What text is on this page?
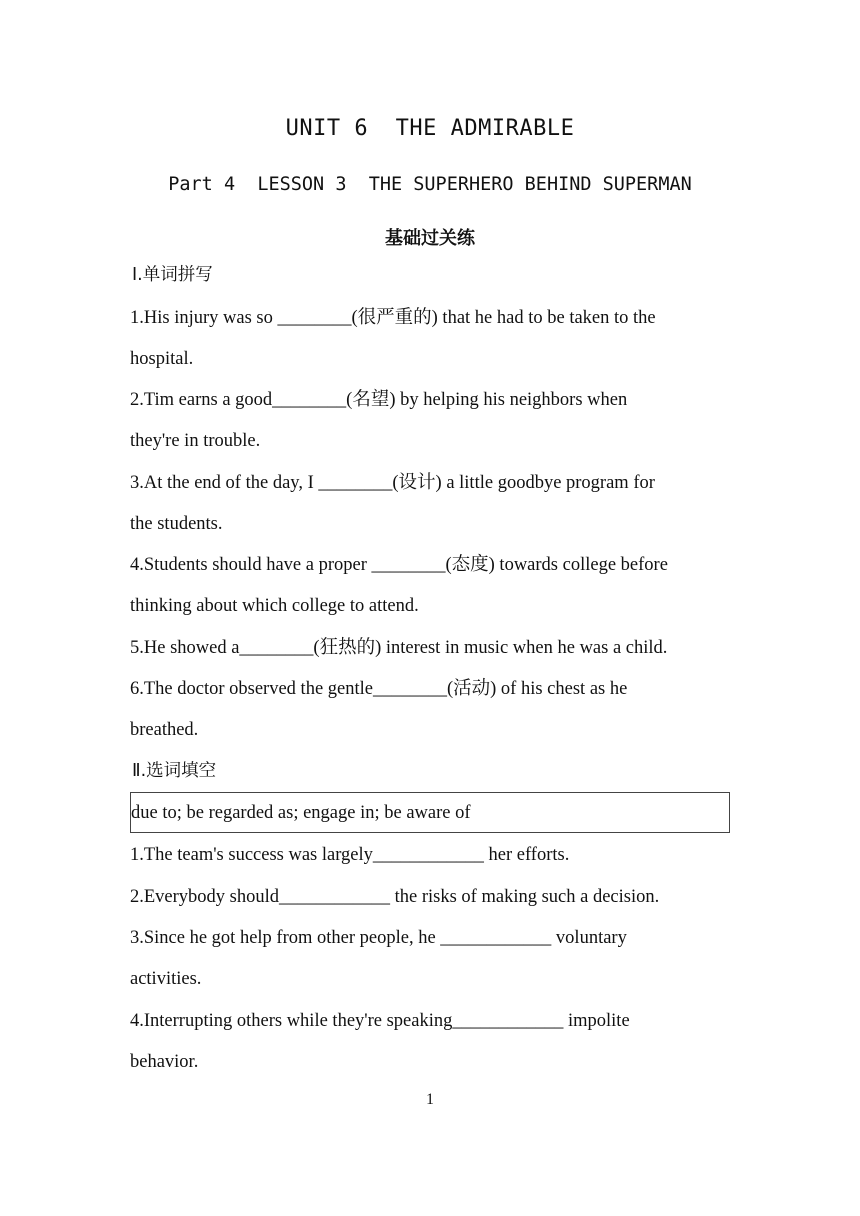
UNIT 6  THE ADMIRABLE
Part 4  LESSON 3  THE SUPERHERO BEHIND SUPERMAN
基础过关练
Ⅰ.单词拼写
1.His injury was so ________(很严重的) that he had to be taken to the
hospital.
2.Tim earns a good________(名望) by helping his neighbors when
they're in trouble.
3.At the end of the day, I ________(设计) a little goodbye program for
the students.
4.Students should have a proper ________(态度) towards college before
thinking about which college to attend.
5.He showed a________(狂热的) interest in music when he was a child.
6.The doctor observed the gentle________(活动) of his chest as he
breathed.
Ⅱ.选词填空
due to; be regarded as; engage in; be aware of
1.The team's success was largely____________ her efforts.
2.Everybody should____________ the risks of making such a decision.
3.Since he got help from other people, he ____________ voluntary
activities.
4.Interrupting others while they're speaking____________ impolite
behavior.
1
